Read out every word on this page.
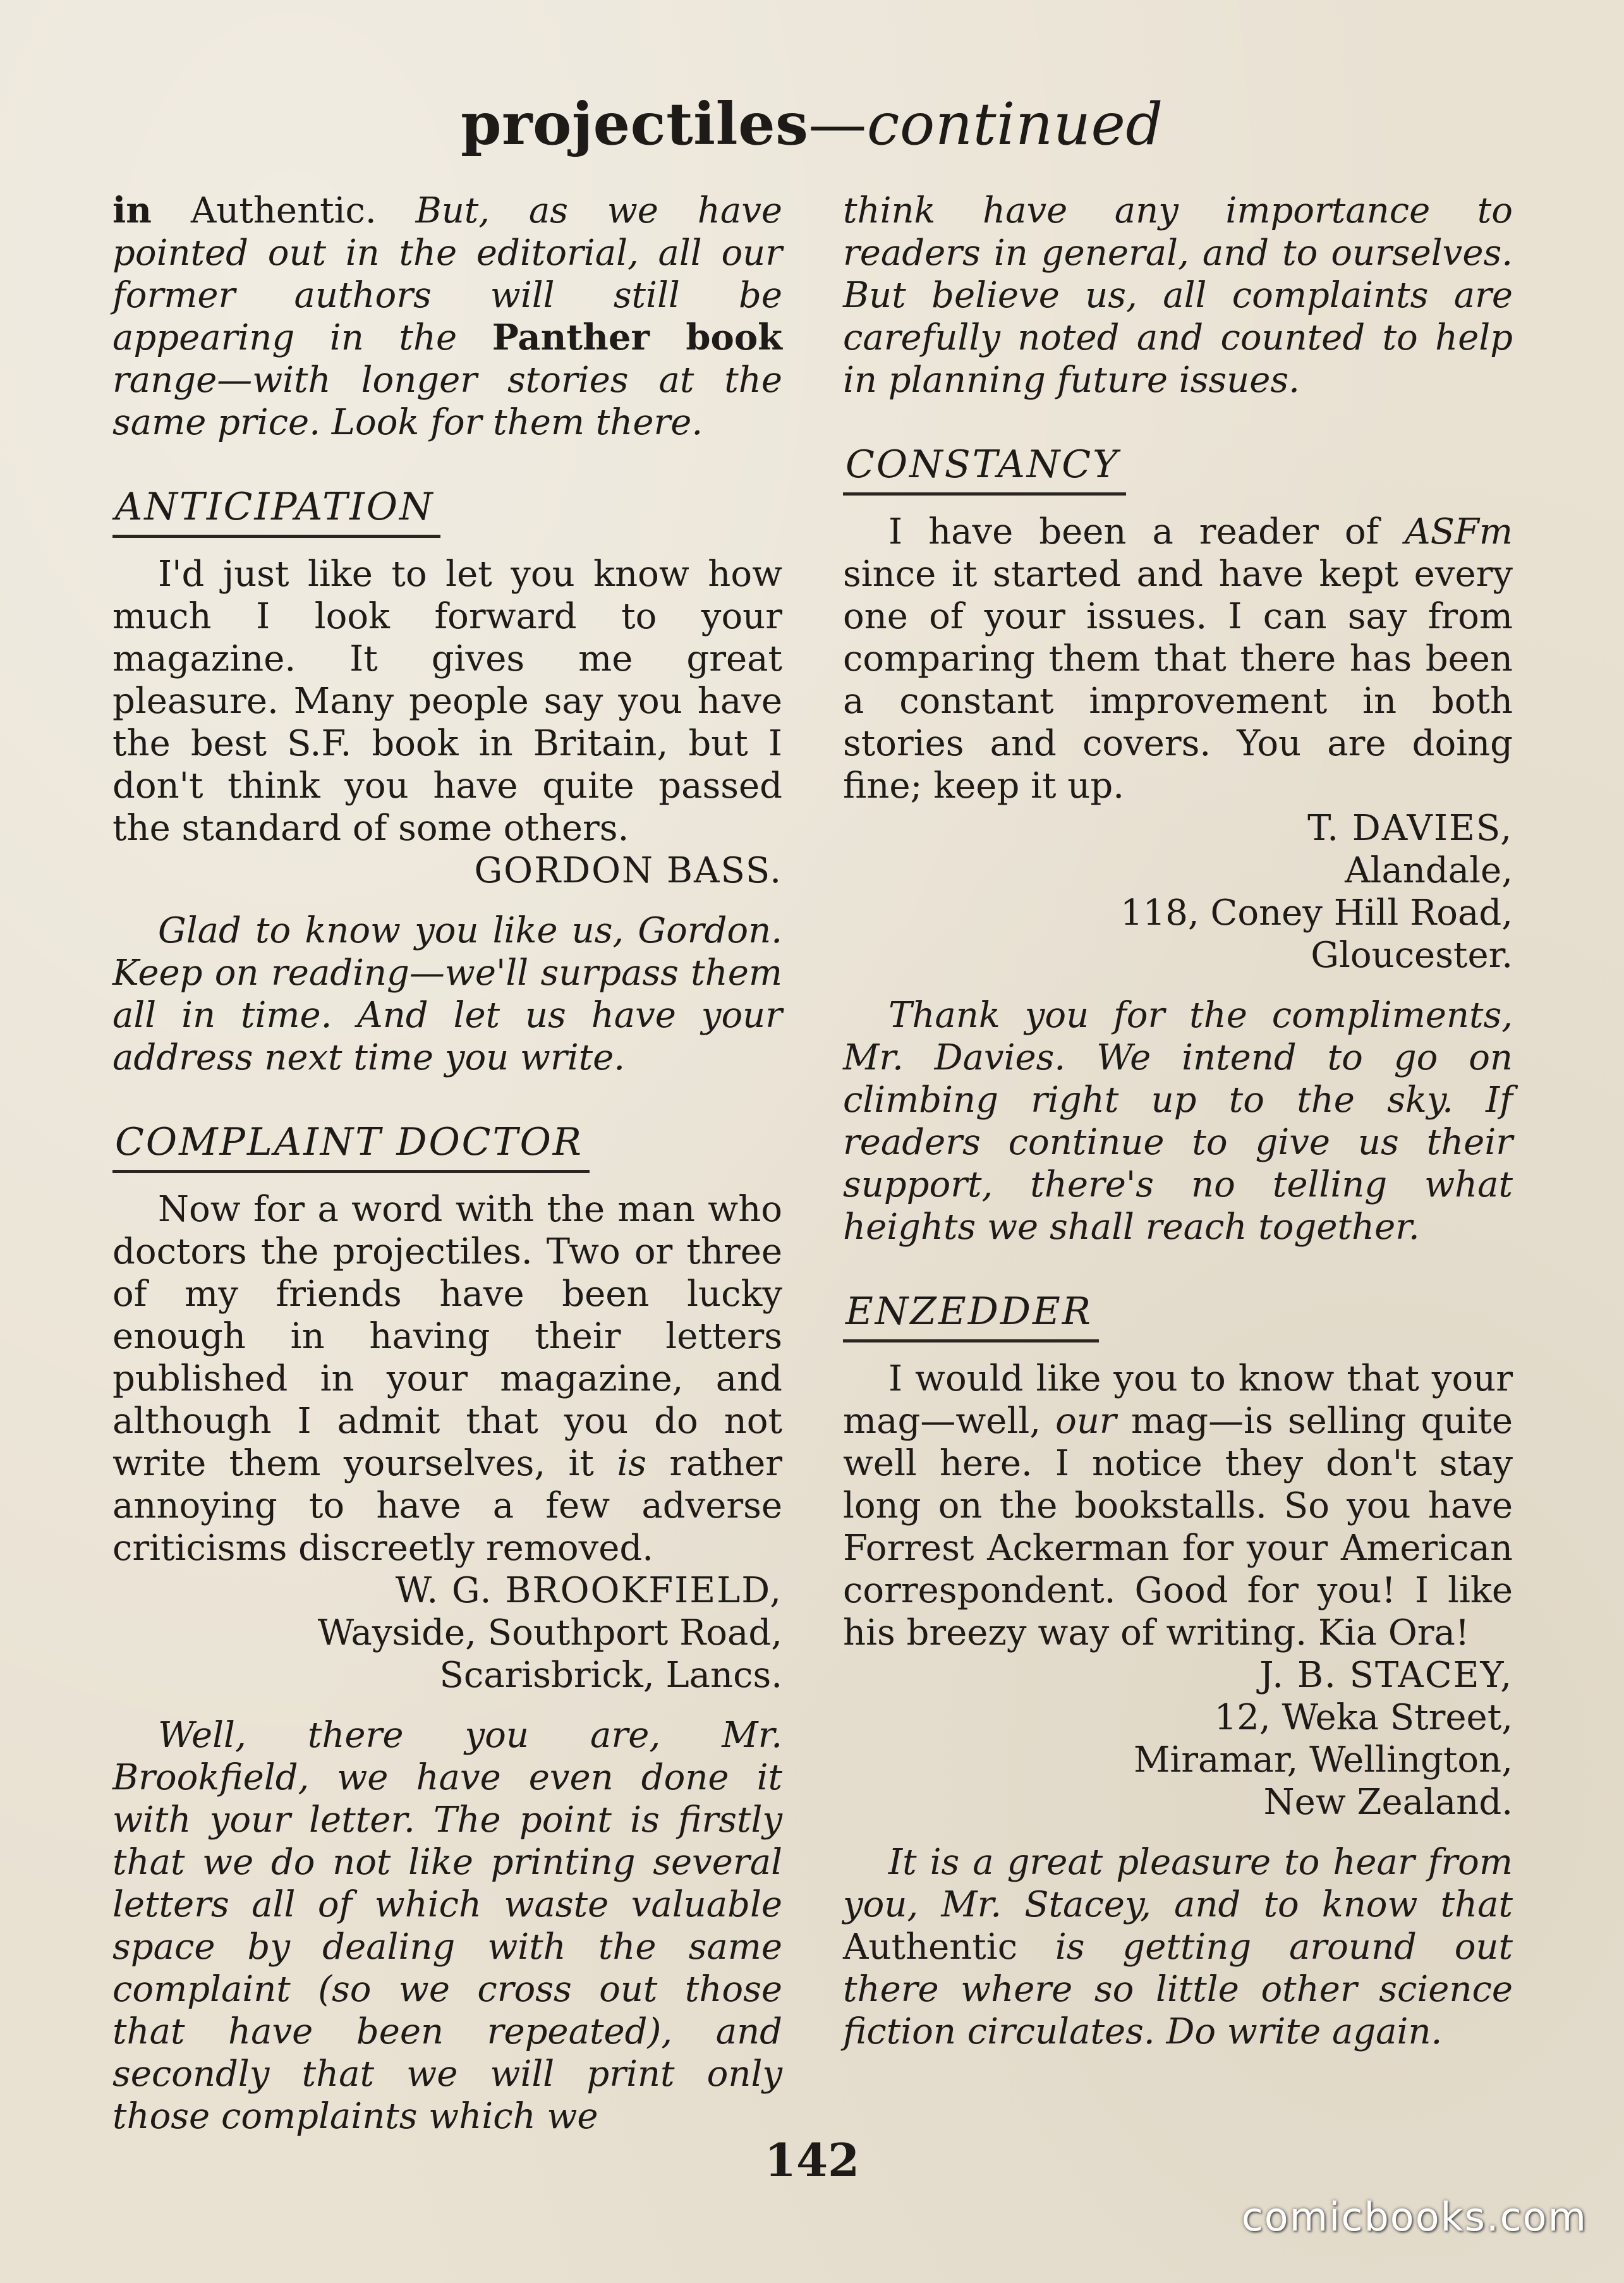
projectiles—continued

in Authentic. But, as we have pointed out in the editorial, all our former authors will still be appearing in the Panther book range—with longer stories at the same price. Look for them there.

ANTICIPATION

I'd just like to let you know how much I look forward to your magazine. It gives me great pleasure. Many people say you have the best S.F. book in Britain, but I don't think you have quite passed the standard of some others.

GORDON BASS.

Glad to know you like us, Gordon. Keep on reading—we'll surpass them all in time. And let us have your address next time you write.

COMPLAINT DOCTOR

Now for a word with the man who doctors the projectiles. Two or three of my friends have been lucky enough in having their letters published in your magazine, and although I admit that you do not write them yourselves, it is rather annoying to have a few adverse criticisms discreetly removed.

W. G. BROOKFIELD,

Wayside, Southport Road,

Scarisbrick, Lancs.

Well, there you are, Mr. Brookfield, we have even done it with your letter. The point is firstly that we do not like printing several letters all of which waste valuable space by dealing with the same complaint (so we cross out those that have been repeated), and secondly that we will print only those complaints which we

think have any importance to readers in general, and to ourselves. But believe us, all complaints are carefully noted and counted to help in planning future issues.

CONSTANCY

I have been a reader of ASFm since it started and have kept every one of your issues. I can say from comparing them that there has been a constant improvement in both stories and covers. You are doing fine; keep it up.

T. DAVIES,

Alandale,

118, Coney Hill Road,

Gloucester.

Thank you for the compliments, Mr. Davies. We intend to go on climbing right up to the sky. If readers continue to give us their support, there's no telling what heights we shall reach together.

ENZEDDER

I would like you to know that your mag—well, our mag—is selling quite well here. I notice they don't stay long on the bookstalls. So you have Forrest Ackerman for your American correspondent. Good for you! I like his breezy way of writing. Kia Ora!

J. B. STACEY,

12, Weka Street,

Miramar, Wellington,

New Zealand.

It is a great pleasure to hear from you, Mr. Stacey, and to know that Authentic is getting around out there where so little other science fiction circulates. Do write again.

142
comicbooks.com
